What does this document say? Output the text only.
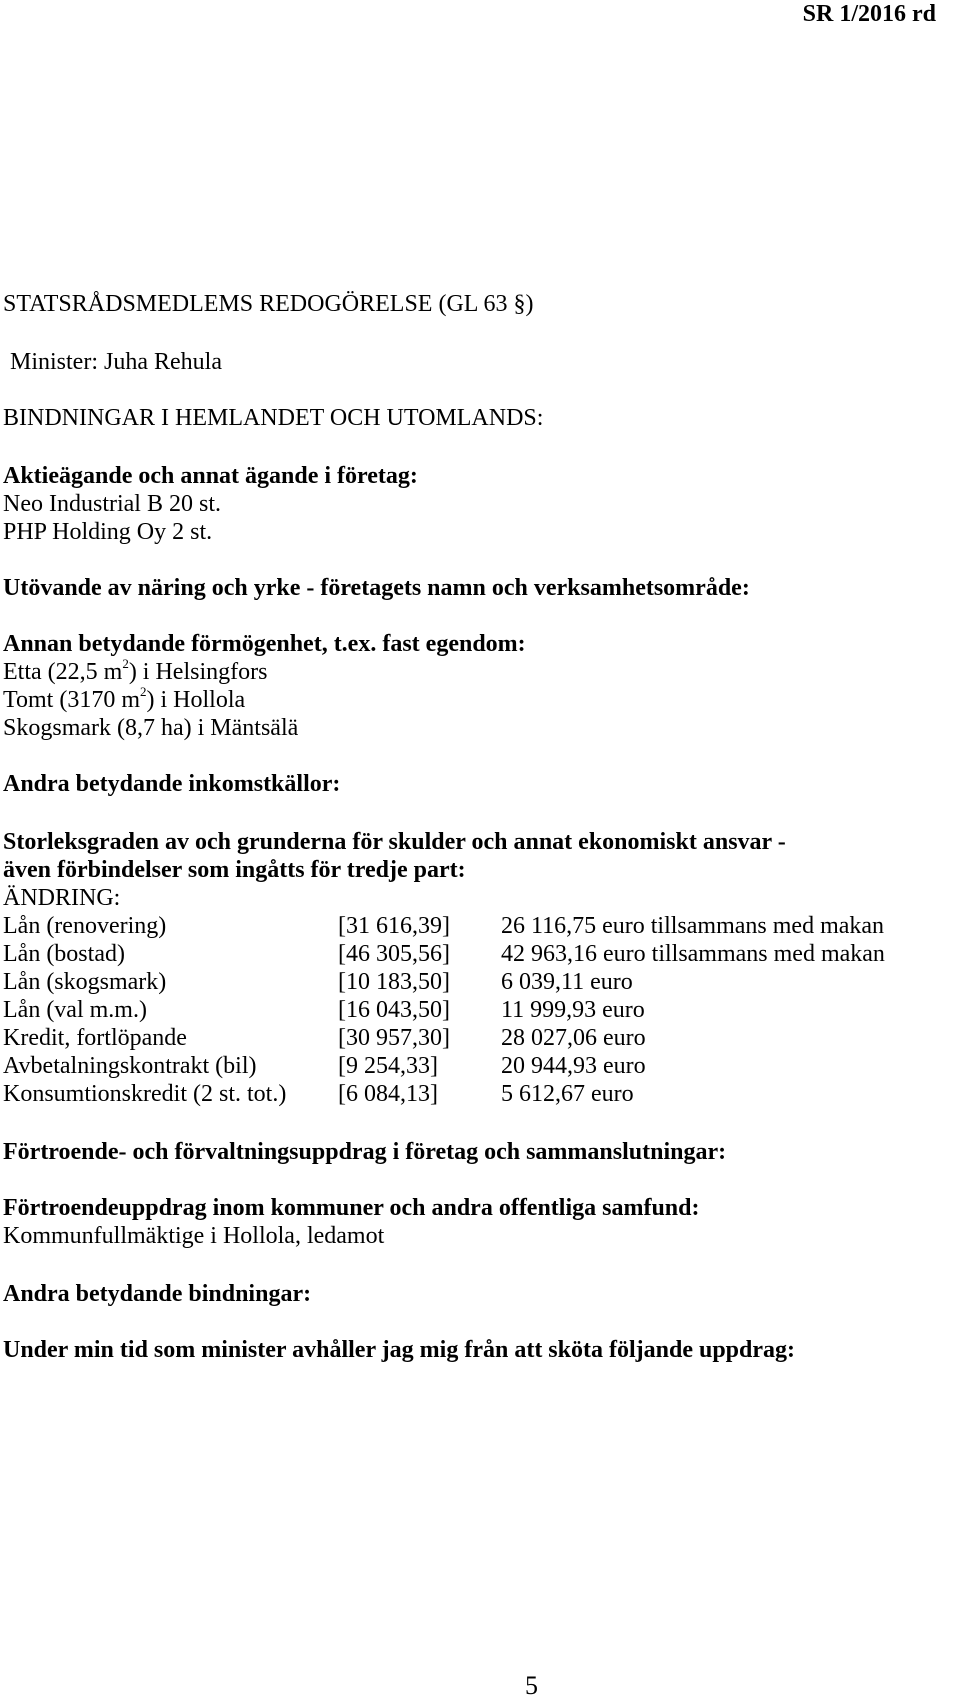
SR 1/2016 rd
STATSRÅDSMEDLEMS REDOGÖRELSE (GL 63 §)
Minister: Juha Rehula
BINDNINGAR I HEMLANDET OCH UTOMLANDS:
Aktieägande och annat ägande i företag:
Neo Industrial B 20 st.
PHP Holding Oy 2 st.
Utövande av näring och yrke - företagets namn och verksamhetsområde:
Annan betydande förmögenhet, t.ex. fast egendom:
Etta (22,5 $m^2$) i Helsingfors
Tomt (3170 $m^2$) i Hollola
Skogsmark (8,7 ha) i Mäntsälä
Andra betydande inkomstkällor:
Storleksgraden av och grunderna för skulder och annat ekonomiskt ansvar -
även förbindelser som ingåtts för tredje part:
ÄNDRING:
Lån (renovering)	[31 616,39] 26 116,75 euro tillsammans med makan
Lån (bostad)	[46 305,56] 42 963,16 euro tillsammans med makan
Lån (skogsmark)	[10 183,50] 6 039,11 euro
Lån (val m.m.)	[16 043,50] 11 999,93 euro
Kredit, fortlöpande	[30 957,30] 28 027,06 euro
Avbetalningskontrakt (bil)	[9 254,33]	20 944,93 euro
Konsumtionskredit (2 st. tot.) [6 084,13]	5 612,67 euro
Förtroende- och förvaltningsuppdrag i företag och sammanslutningar:
Förtroendeuppdrag inom kommuner och andra offentliga samfund:
Kommunfullmäktige i Hollola, ledamot
Andra betydande bindningar:
Under min tid som minister avhåller jag mig från att sköta följande uppdrag:
5
